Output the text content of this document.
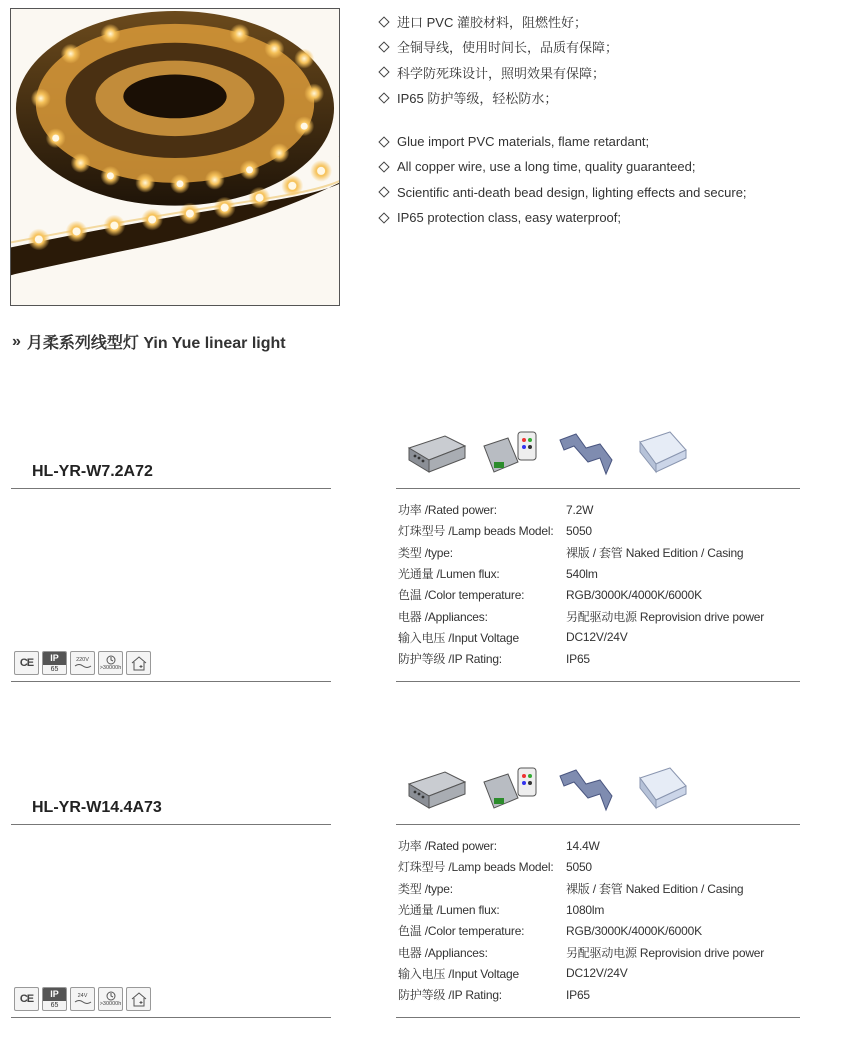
进口 PVC 灌胶材料，阻燃性好；
全铜导线，使用时间长，品质有保障；
科学防死珠设计，照明效果有保障；
IP65 防护等级，轻松防水；
Glue import PVC materials, flame retardant;
All copper wire, use a long time, quality guaranteed;
Scientific anti-death bead design, lighting effects and secure;
IP65 protection class, easy waterproof;
» 月柔系列线型灯 Yin Yue linear light
HL-YR-W7.2A72
功率 /Rated power:	7.2W
灯珠型号 /Lamp beads Model:	5050
类型 /type:	裸版 / 套管 Naked Edition / Casing
光通量 /Lumen flux:	540lm
色温 /Color temperature:	RGB/3000K/4000K/6000K
电器 /Appliances:	另配驱动电源 Reprovision drive power
输入电压 /Input Voltage	DC12V/24V
防护等级 /IP Rating:	IP65
CE	IP
65
220V
>30000h
HL-YR-W14.4A73
功率 /Rated power:	14.4W
灯珠型号 /Lamp beads Model:	5050
类型 /type:	裸版 / 套管 Naked Edition / Casing
光通量 /Lumen flux:	1080lm
色温 /Color temperature:	RGB/3000K/4000K/6000K
电器 /Appliances:	另配驱动电源 Reprovision drive power
输入电压 /Input Voltage	DC12V/24V
防护等级 /IP Rating:	IP65
CE	IP
65
24V
>30000h
